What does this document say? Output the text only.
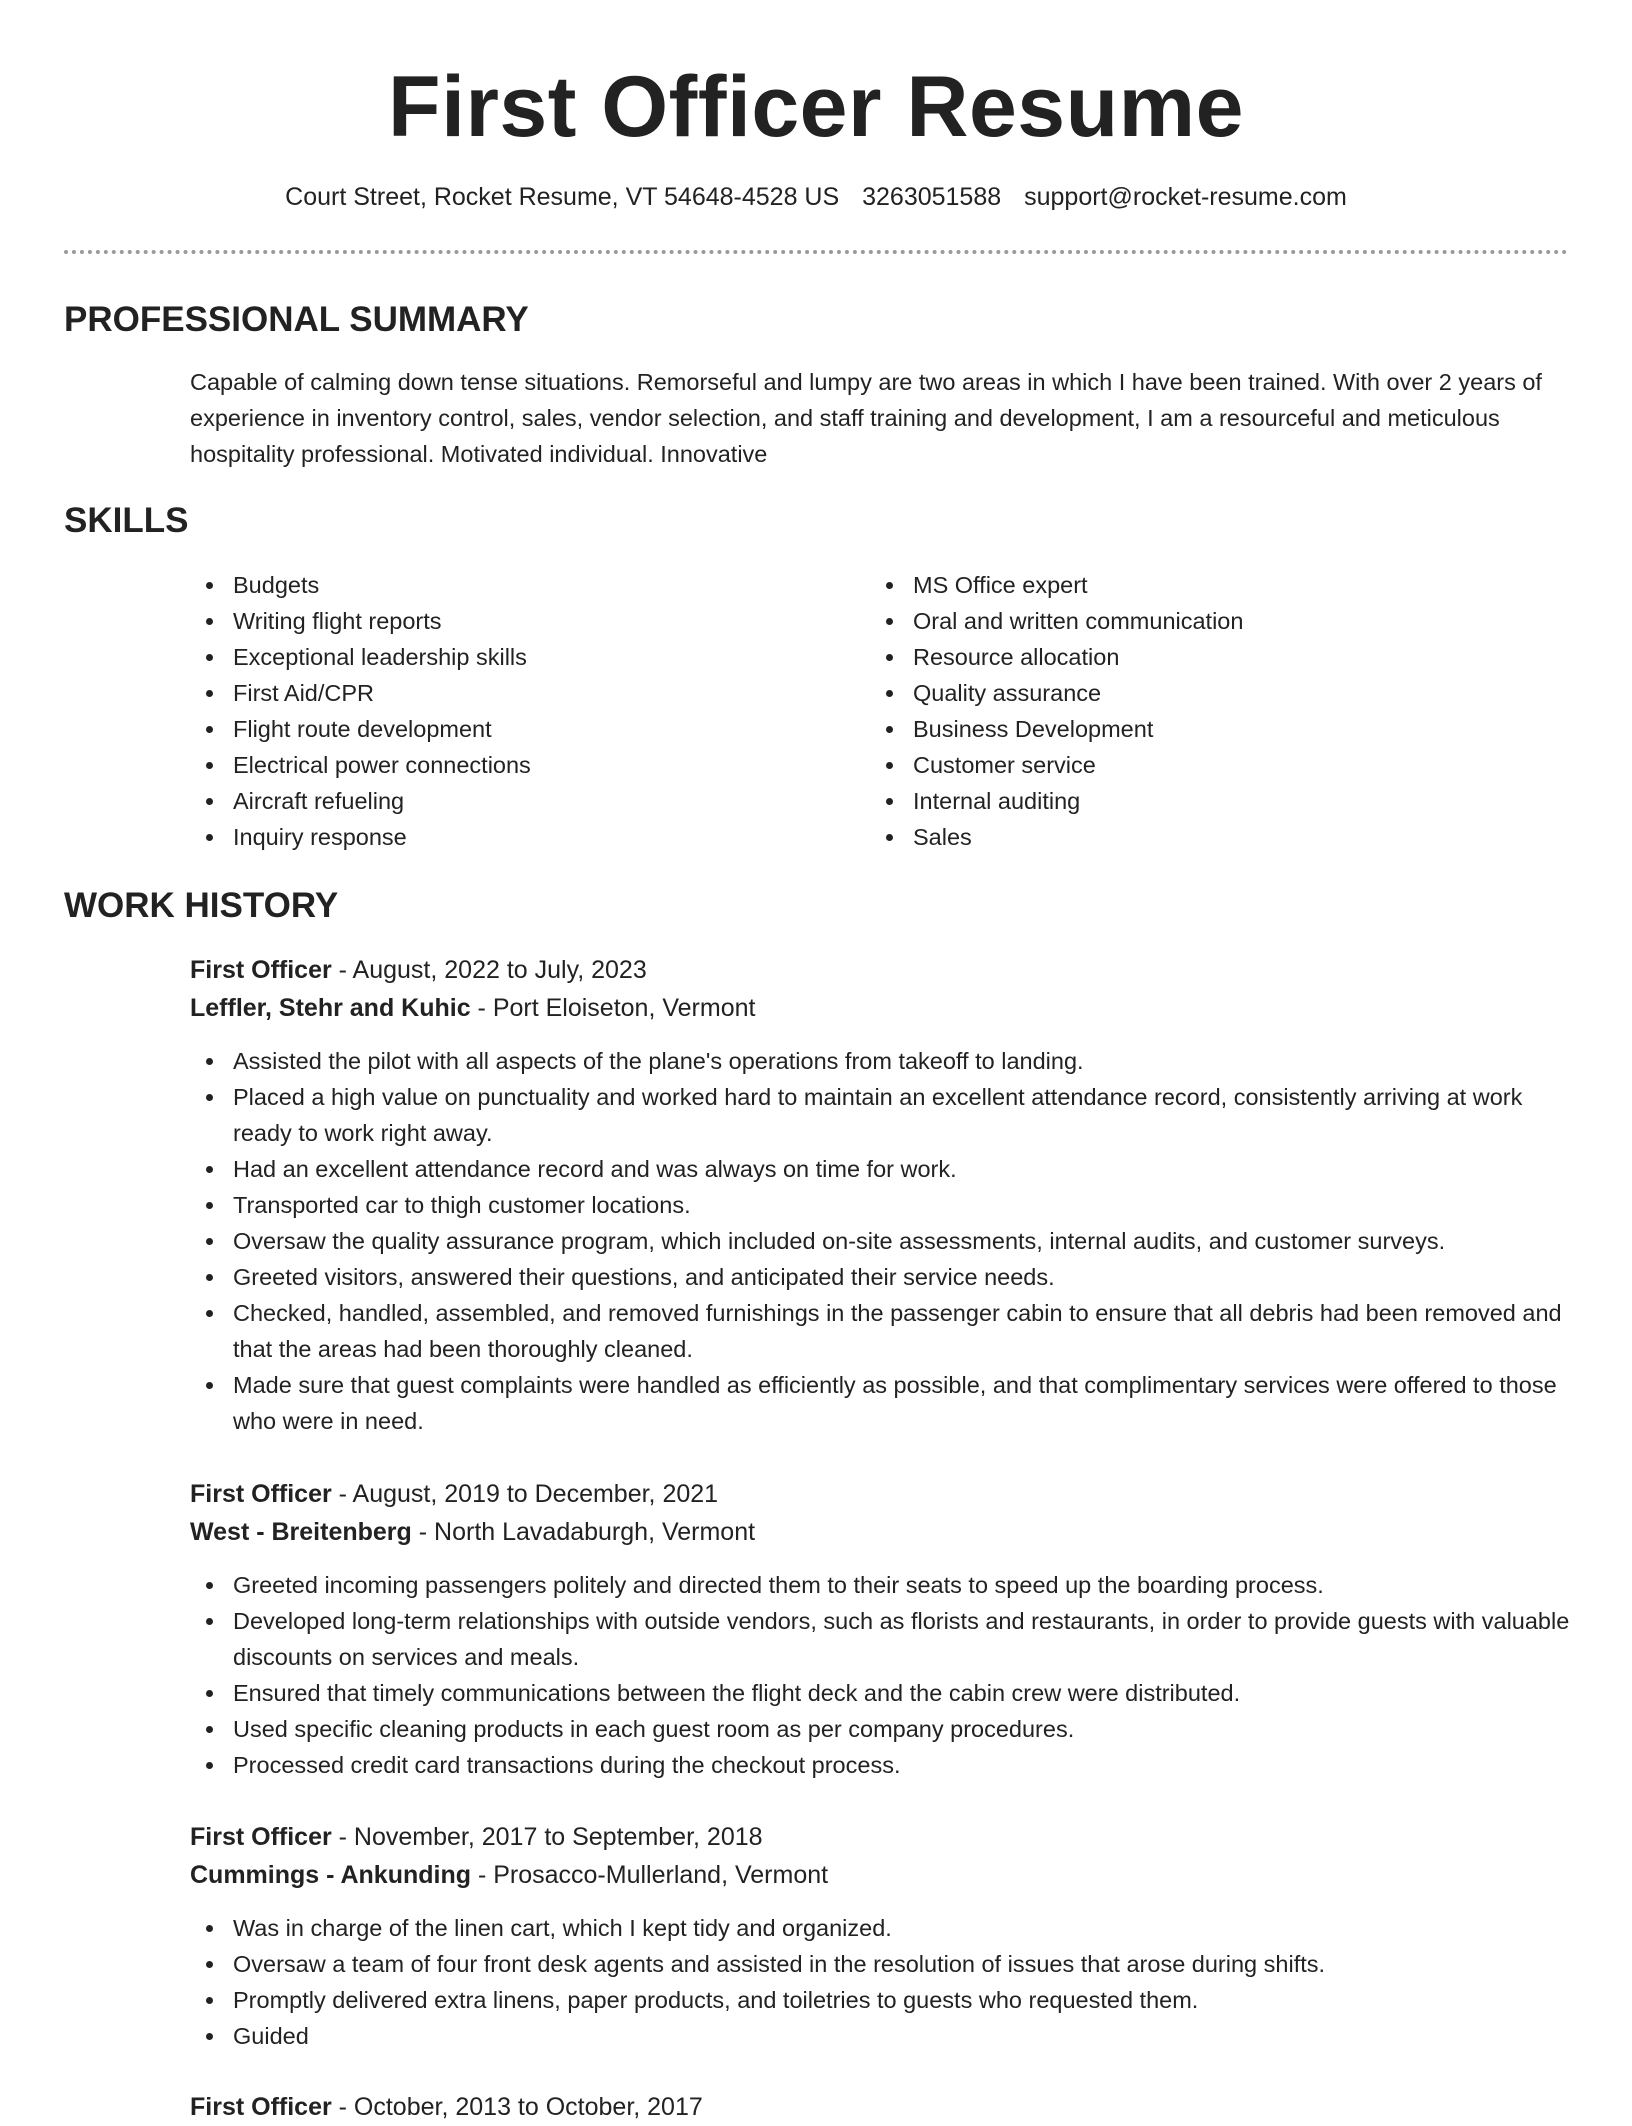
First Officer Resume
Court Street, Rocket Resume, VT 54648-4528 US 3263051588 support@rocket-resume.com
PROFESSIONAL SUMMARY

Capable of calming down tense situations. Remorseful and lumpy are two areas in which I have been trained. With over 2 years of experience in inventory control, sales, vendor selection, and staff training and development, I am a resourceful and meticulous hospitality professional. Motivated individual. Innovative

SKILLS
Budgets
Writing flight reports
Exceptional leadership skills
First Aid/CPR
Flight route development
Electrical power connections
Aircraft refueling
Inquiry response
MS Office expert
Oral and written communication
Resource allocation
Quality assurance
Business Development
Customer service
Internal auditing
Sales
WORK HISTORY

First Officer - August, 2022 to July, 2023

Leffler, Stehr and Kuhic - Port Eloiseton, Vermont

Assisted the pilot with all aspects of the plane's operations from takeoff to landing.
Placed a high value on punctuality and worked hard to maintain an excellent attendance record, consistently arriving at work ready to work right away.
Had an excellent attendance record and was always on time for work.
Transported car to thigh customer locations.
Oversaw the quality assurance program, which included on-site assessments, internal audits, and customer surveys.
Greeted visitors, answered their questions, and anticipated their service needs.
Checked, handled, assembled, and removed furnishings in the passenger cabin to ensure that all debris had been removed and that the areas had been thoroughly cleaned.
Made sure that guest complaints were handled as efficiently as possible, and that complimentary services were offered to those who were in need.

First Officer - August, 2019 to December, 2021

West - Breitenberg - North Lavadaburgh, Vermont

Greeted incoming passengers politely and directed them to their seats to speed up the boarding process.
Developed long-term relationships with outside vendors, such as florists and restaurants, in order to provide guests with valuable discounts on services and meals.
Ensured that timely communications between the flight deck and the cabin crew were distributed.
Used specific cleaning products in each guest room as per company procedures.
Processed credit card transactions during the checkout process.

First Officer - November, 2017 to September, 2018

Cummings - Ankunding - Prosacco-Mullerland, Vermont

Was in charge of the linen cart, which I kept tidy and organized.
Oversaw a team of four front desk agents and assisted in the resolution of issues that arose during shifts.
Promptly delivered extra linens, paper products, and toiletries to guests who requested them.
Guided

First Officer - October, 2013 to October, 2017
